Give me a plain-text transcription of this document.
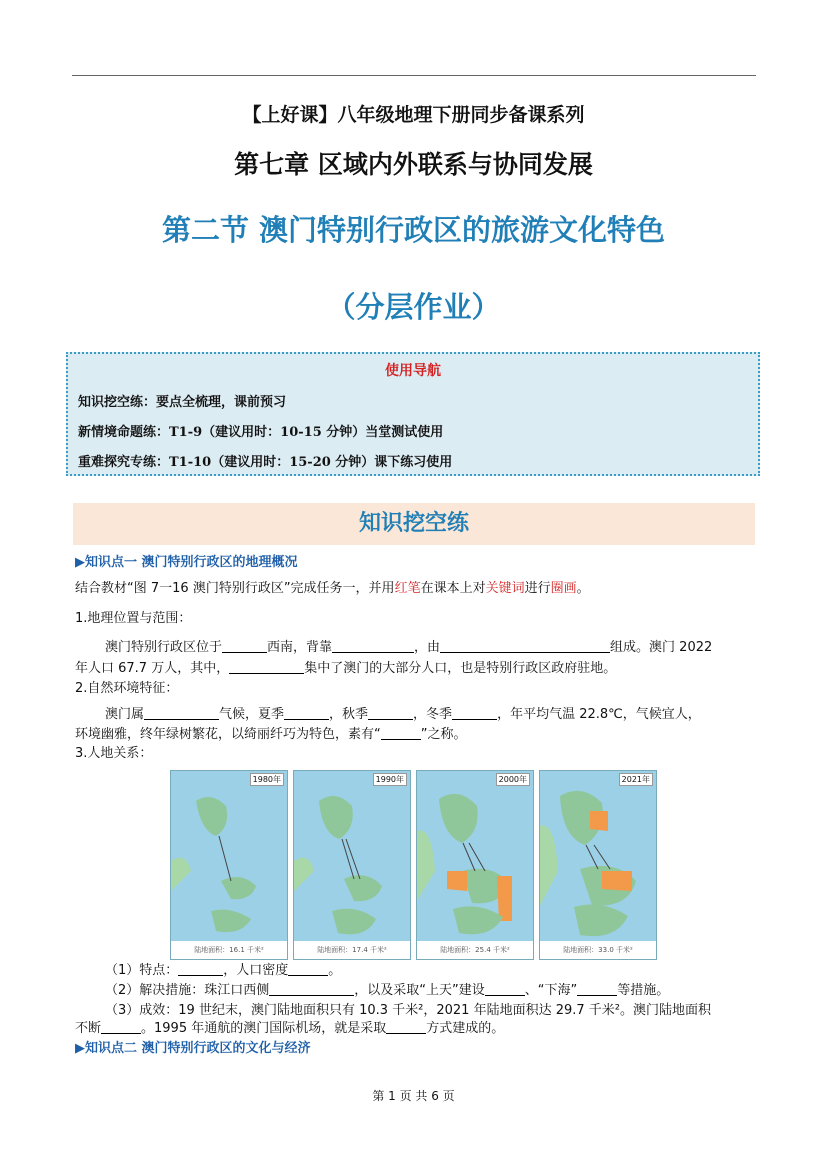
【上好课】八年级地理下册同步备课系列
第七章 区域内外联系与协同发展
第二节 澳门特别行政区的旅游文化特色
（分层作业）
使用导航
知识挖空练：要点全梳理，课前预习
新情境命题练：T1-9（建议用时：10-15 分钟）当堂测试使用
重难探究专练：T1-10（建议用时：15-20 分钟）课下练习使用
知识挖空练
▶知识点一 澳门特别行政区的地理概况
结合教材“图 7一16 澳门特别行政区”完成任务一，并用红笔在课本上对关键词进行圈画。
1.地理位置与范围：
澳门特别行政区位于	西南，背靠	，由	组成。澳门 2022
年人口 67.7 万人，其中，	集中了澳门的大部分人口，也是特别行政区政府驻地。
2.自然环境特征：
澳门属	气候，夏季	，秋季	，冬季	，年平均气温 22.8℃，气候宜人，
环境幽雅，终年绿树繁花，以绮丽纤巧为特色，素有“	”之称。
3.人地关系：
1980年
陆地面积：16.1 千米²
1990年
陆地面积：17.4 千米²
2000年
陆地面积：25.4 千米²
2021年
陆地面积：33.0 千米²
（1）特点：	，人口密度	。
（2）解决措施：珠江口西侧	，以及采取“上天”建设	、“下海”	等措施。
（3）成效：19 世纪末，澳门陆地面积只有 10.3 千米²，2021 年陆地面积达 29.7 千米²。澳门陆地面积
不断	。1995 年通航的澳门国际机场，就是采取	方式建成的。
▶知识点二 澳门特别行政区的文化与经济
第 1 页 共 6 页
